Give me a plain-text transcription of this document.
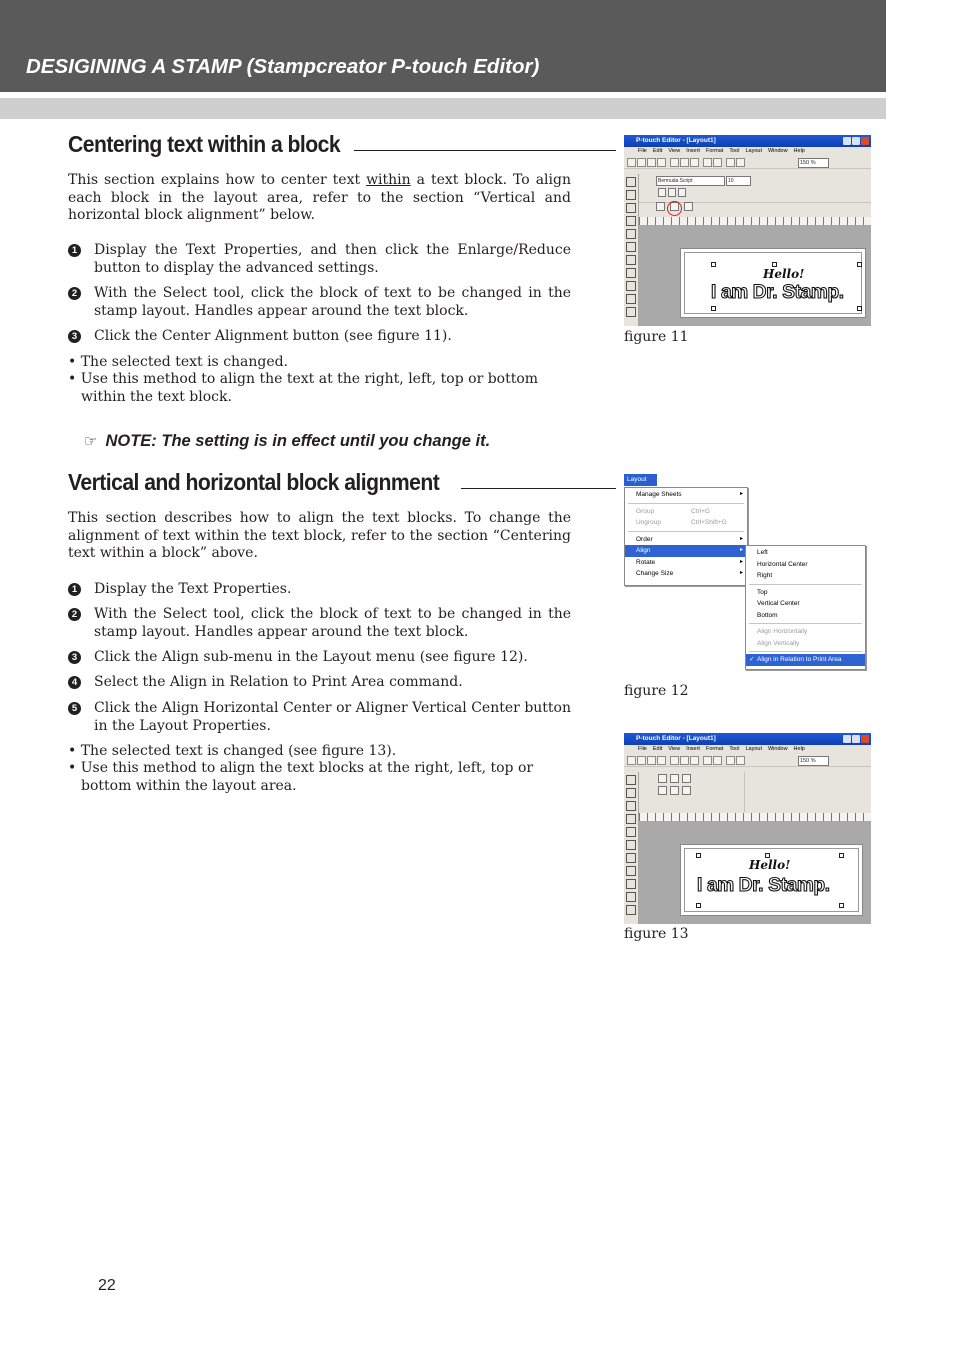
DESIGINING A STAMP (Stampcreator P-touch Editor)
Centering text within a block

This section explains how to center text within a text block. To align each block in the layout area, refer to the section “Vertical and horizontal block alignment” below.

1 Display the Text Properties, and then click the Enlarge/Reduce button to display the advanced settings.
2 With the Select tool, click the block of text to be changed in the stamp layout. Handles appear around the text block.
3 Click the Center Alignment button (see figure 11).
• The selected text is changed.
• Use this method to align the text at the right, left, top or bottom within the text block.
☞ NOTE: The setting is in effect until you change it.
Vertical and horizontal block alignment

This section describes how to align the text blocks. To change the alignment of text within the text block, refer to the section “Centering text within a block” above.

1 Display the Text Properties.
2 With the Select tool, click the block of text to be changed in the stamp layout. Handles appear around the text block.
3 Click the Align sub-menu in the Layout menu (see figure 12).
4 Select the Align in Relation to Print Area command.
5 Click the Align Horizontal Center or Aligner Vertical Center button in the Layout Properties.
• The selected text is changed (see figure 13).
• Use this method to align the text blocks at the right, left, top or bottom within the layout area.
P-touch Editor - [Layout1]
File Edit View Insert Format Tool Layout Window Help
150 %
Bermuda Script	10
Hello!
I am Dr. Stamp.
figure 11
Layout
Manage Sheets	▸
Group	Ctrl+G
Ungroup	Ctrl+Shift+G
Order	▸
Align	▸
Rotate	▸
Change Size	▸
Left
Horizontal Center
Right
Top
Vertical Center
Bottom
Align Horizontally
Align Vertically
✓ Align in Relation to Print Area
figure 12
P-touch Editor - [Layout1]
File Edit View Insert Format Tool Layout Window Help
150 %
Hello!
I am Dr. Stamp.
figure 13
22
